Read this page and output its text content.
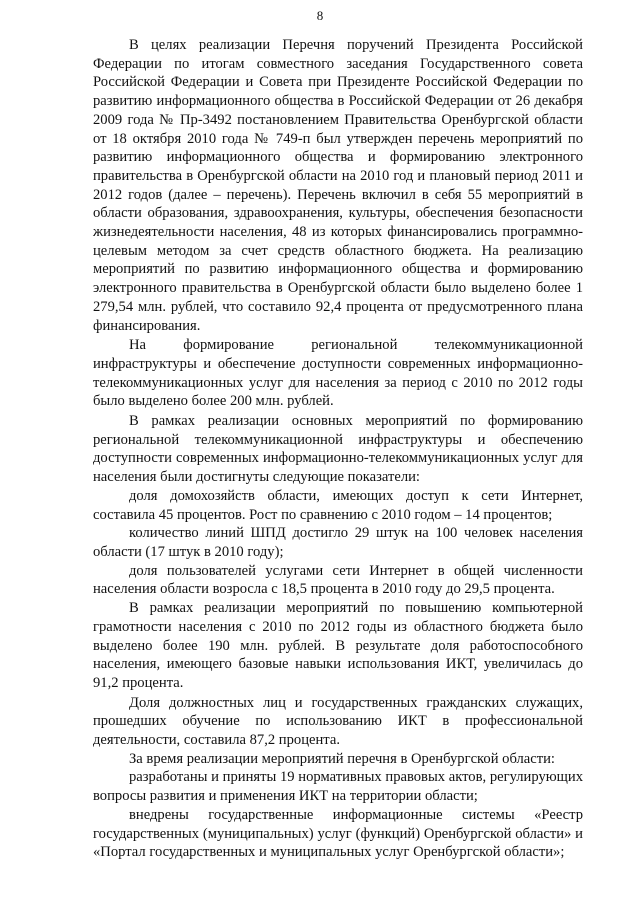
8

В целях реализации Перечня поручений Президента Российской Федерации по итогам совместного заседания Государственного совета Российской Федерации и Совета при Президенте Российской Федерации по развитию информационного общества в Российской Федерации от 26 декабря 2009 года № Пр-3492 постановлением Правительства Оренбургской области от 18 октября 2010 года № 749-п был утвержден перечень мероприятий по развитию информационного общества и формированию электронного правительства в Оренбургской области на 2010 год и плановый период 2011 и 2012 годов (далее – перечень). Перечень включил в себя 55 мероприятий в области образования, здравоохранения, культуры, обеспечения безопасности жизнедеятельности населения, 48 из которых финансировались программно-целевым методом за счет средств областного бюджета. На реализацию мероприятий по развитию информационного общества и формированию электронного правительства в Оренбургской области было выделено более 1 279,54 млн. рублей, что составило 92,4 процента от предусмотренного плана финансирования.

На формирование региональной телекоммуникационной инфраструктуры и обеспечение доступности современных информационно-телекоммуникационных услуг для населения за период с 2010 по 2012 годы было выделено более 200 млн. рублей.

В рамках реализации основных мероприятий по формированию региональной телекоммуникационной инфраструктуры и обеспечению доступности современных информационно-телекоммуникационных услуг для населения были достигнуты следующие показатели:

доля домохозяйств области, имеющих доступ к сети Интернет, составила 45 процентов. Рост по сравнению с 2010 годом – 14 процентов;

количество линий ШПД достигло 29 штук на 100 человек населения области (17 штук в 2010 году);

доля пользователей услугами сети Интернет в общей численности населения области возросла с 18,5 процента в 2010 году до 29,5 процента.

В рамках реализации мероприятий по повышению компьютерной грамотности населения с 2010 по 2012 годы из областного бюджета было выделено более 190 млн. рублей. В результате доля работоспособного населения, имеющего базовые навыки использования ИКТ, увеличилась до 91,2 процента.

Доля должностных лиц и государственных гражданских служащих, прошедших обучение по использованию ИКТ в профессиональной деятельности, составила 87,2 процента.

За время реализации мероприятий перечня в Оренбургской области:

разработаны и приняты 19 нормативных правовых актов, регулирующих вопросы развития и применения ИКТ на территории области;

внедрены государственные информационные системы «Реестр государственных (муниципальных) услуг (функций) Оренбургской области» и «Портал государственных и муниципальных услуг Оренбургской области»;
